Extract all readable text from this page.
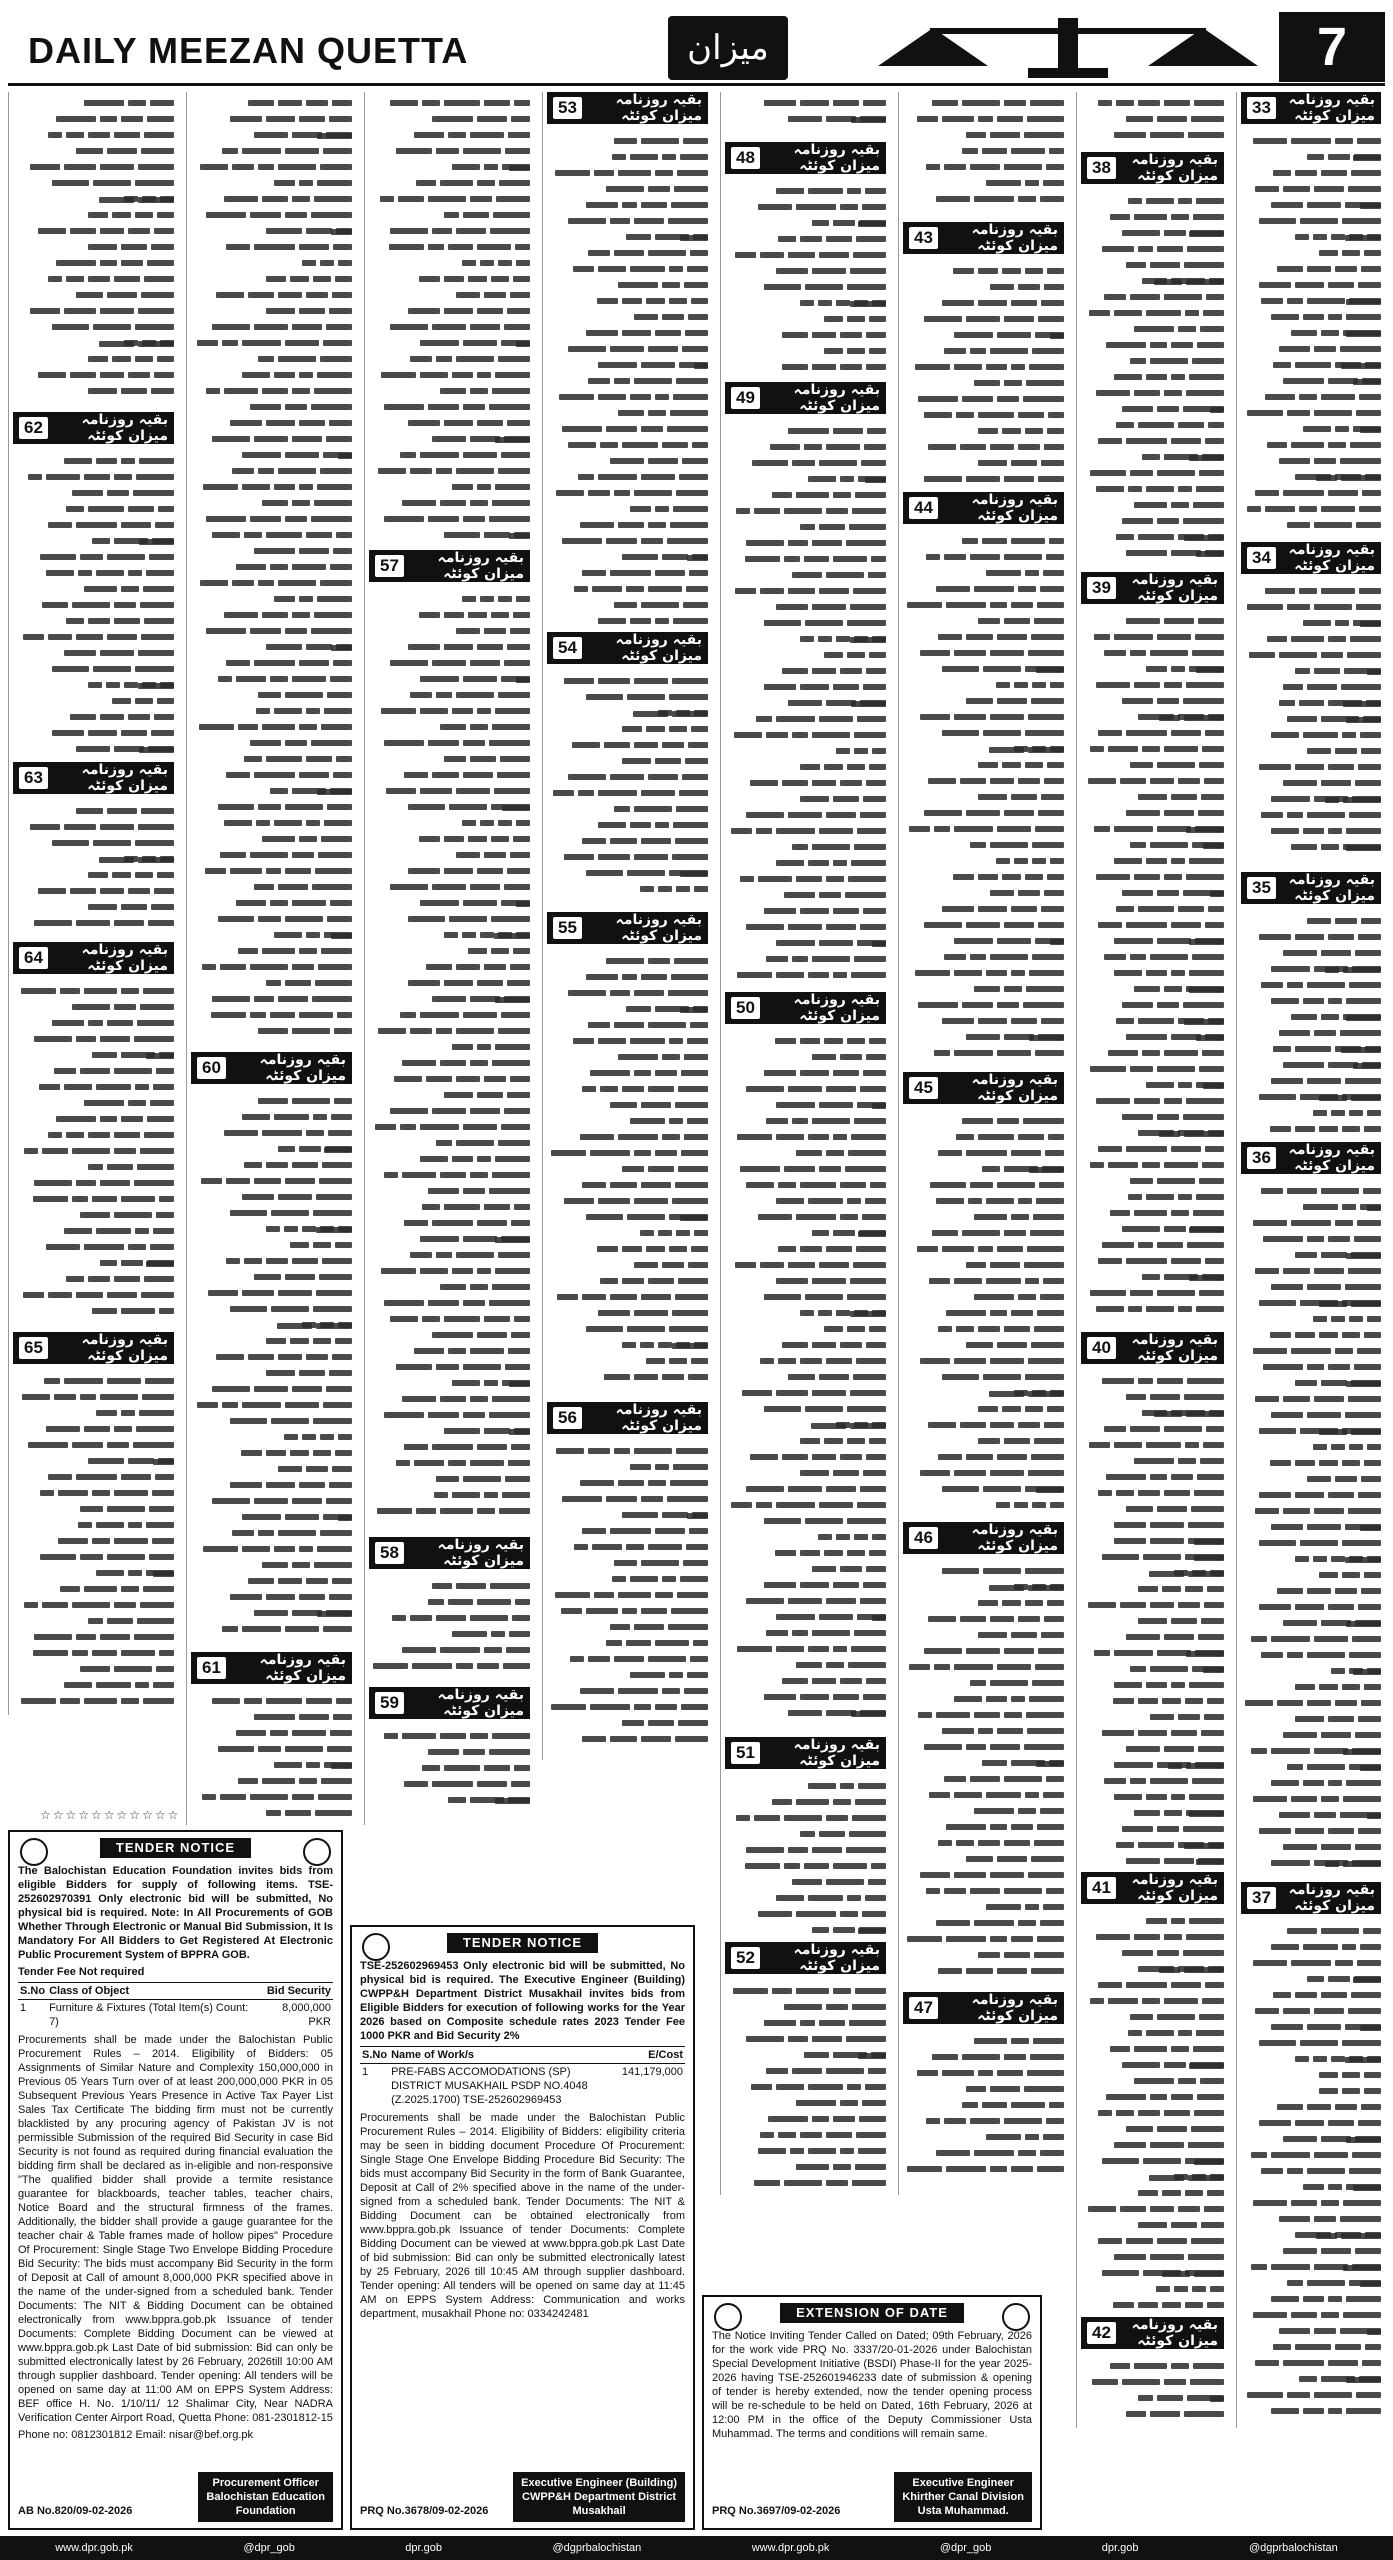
DAILY MEEZAN QUETTA	میزان	7
بقیہ روزنامہ میزان کوئٹہ
62
بقیہ روزنامہ میزان کوئٹہ
63
بقیہ روزنامہ میزان کوئٹہ
64
بقیہ روزنامہ میزان کوئٹہ
65
بقیہ روزنامہ میزان کوئٹہ
60
بقیہ روزنامہ میزان کوئٹہ
61
بقیہ روزنامہ میزان کوئٹہ
57
بقیہ روزنامہ میزان کوئٹہ
58
بقیہ روزنامہ میزان کوئٹہ
59
بقیہ روزنامہ میزان کوئٹہ
53
بقیہ روزنامہ میزان کوئٹہ
54
بقیہ روزنامہ میزان کوئٹہ
55
بقیہ روزنامہ میزان کوئٹہ
56
بقیہ روزنامہ میزان کوئٹہ
48
بقیہ روزنامہ میزان کوئٹہ
49
بقیہ روزنامہ میزان کوئٹہ
50
بقیہ روزنامہ میزان کوئٹہ
51
بقیہ روزنامہ میزان کوئٹہ
52
بقیہ روزنامہ میزان کوئٹہ
43
بقیہ روزنامہ میزان کوئٹہ
44
بقیہ روزنامہ میزان کوئٹہ
45
بقیہ روزنامہ میزان کوئٹہ
46
بقیہ روزنامہ میزان کوئٹہ
47
بقیہ روزنامہ میزان کوئٹہ
38
بقیہ روزنامہ میزان کوئٹہ
39
بقیہ روزنامہ میزان کوئٹہ
40
بقیہ روزنامہ میزان کوئٹہ
41
بقیہ روزنامہ میزان کوئٹہ
42
بقیہ روزنامہ میزان کوئٹہ
33
بقیہ روزنامہ میزان کوئٹہ
34
بقیہ روزنامہ میزان کوئٹہ
35
بقیہ روزنامہ میزان کوئٹہ
36
بقیہ روزنامہ میزان کوئٹہ
37
☆☆☆☆☆☆☆☆☆☆☆
TENDER NOTICE

The Balochistan Education Foundation invites bids from eligible Bidders for supply of following items. TSE-252602970391 Only electronic bid will be submitted, No physical bid is required. Note: In All Procurements of GOB Whether Through Electronic or Manual Bid Submission, It Is Mandatory For All Bidders to Get Registered At Electronic Public Procurement System of BPPRA GOB.

Tender Fee Not required

S.No	Class of Object	Bid Security
1	Furniture & Fixtures (Total Item(s) Count: 7)	8,000,000 PKR

Procurements shall be made under the Balochistan Public Procurement Rules – 2014. Eligibility of Bidders: 05 Assignments of Similar Nature and Complexity 150,000,000 in Previous 05 Years Turn over of at least 200,000,000 PKR in 05 Subsequent Previous Years Presence in Active Tax Payer List Sales Tax Certificate The bidding firm must not be currently blacklisted by any procuring agency of Pakistan JV is not permissible Submission of the required Bid Security in case Bid Security is not found as required during financial evaluation the bidding firm shall be declared as in-eligible and non-responsive "The qualified bidder shall provide a termite resistance guarantee for blackboards, teacher tables, teacher chairs, Notice Board and the structural firmness of the frames. Additionally, the bidder shall provide a gauge guarantee for the teacher chair & Table frames made of hollow pipes" Procedure Of Procurement: Single Stage Two Envelope Bidding Procedure Bid Security: The bids must accompany Bid Security in the form of Deposit at Call of amount 8,000,000 PKR specified above in the name of the under-signed from a scheduled bank. Tender Documents: The NIT & Bidding Document can be obtained electronically from www.bppra.gob.pk Issuance of tender Documents: Complete Bidding Document can be viewed at www.bppra.gob.pk Last Date of bid submission: Bid can only be submitted electronically latest by 26 February, 2026till 10:00 AM through supplier dashboard. Tender opening: All tenders will be opened on same day at 11:00 AM on EPPS System Address: BEF office H. No. 1/10/11/ 12 Shalimar City, Near NADRA Verification Center Airport Road, Quetta Phone: 081-2301812-15

Phone no: 0812301812 Email: nisar@bef.org.pk

AB No.820/09-02-2026
Procurement Officer
Balochistan Education
Foundation
TENDER NOTICE

TSE-252602969453 Only electronic bid will be submitted, No physical bid is required. The Executive Engineer (Building) CWPP&H Department District Musakhail invites bids from Eligible Bidders for execution of following works for the Year 2026 based on Composite schedule rates 2023 Tender Fee 1000 PKR and Bid Security 2%

S.No	Name of Work/s	E/Cost
1	PRE-FABS ACCOMODATIONS (SP) DISTRICT MUSAKHAIL PSDP NO.4048 (Z.2025.1700) TSE-252602969453	141,179,000

Procurements shall be made under the Balochistan Public Procurement Rules – 2014. Eligibility of Bidders: eligibility criteria may be seen in bidding document Procedure Of Procurement: Single Stage One Envelope Bidding Procedure Bid Security: The bids must accompany Bid Security in the form of Bank Guarantee, Deposit at Call of 2% specified above in the name of the under-signed from a scheduled bank. Tender Documents: The NIT & Bidding Document can be obtained electronically from www.bppra.gob.pk Issuance of tender Documents: Complete Bidding Document can be viewed at www.bppra.gob.pk Last Date of bid submission: Bid can only be submitted electronically latest by 25 February, 2026 till 10:45 AM through supplier dashboard. Tender opening: All tenders will be opened on same day at 11:45 AM on EPPS System Address: Communication and works department, musakhail Phone no: 0334242481

PRQ No.3678/09-02-2026
Executive Engineer (Building)
CWPP&H Department District
Musakhail
EXTENSION OF DATE

The Notice Inviting Tender Called on Dated; 09th February, 2026 for the work vide PRQ No. 3337/20-01-2026 under Balochistan Special Development Initiative (BSDI) Phase-II for the year 2025-2026 having TSE-252601946233 date of submission & opening of tender is hereby extended, now the tender opening process will be re-schedule to be held on Dated, 16th February, 2026 at 12:00 PM in the office of the Deputy Commissioner Usta Muhammad. The terms and conditions will remain same.

PRQ No.3697/09-02-2026
Executive Engineer
Khirther Canal Division
Usta Muhammad.
www.dpr.gob.pk	@dpr_gob	dpr.gob	@dgprbalochistan	www.dpr.gob.pk	@dpr_gob	dpr.gob	@dgprbalochistan
